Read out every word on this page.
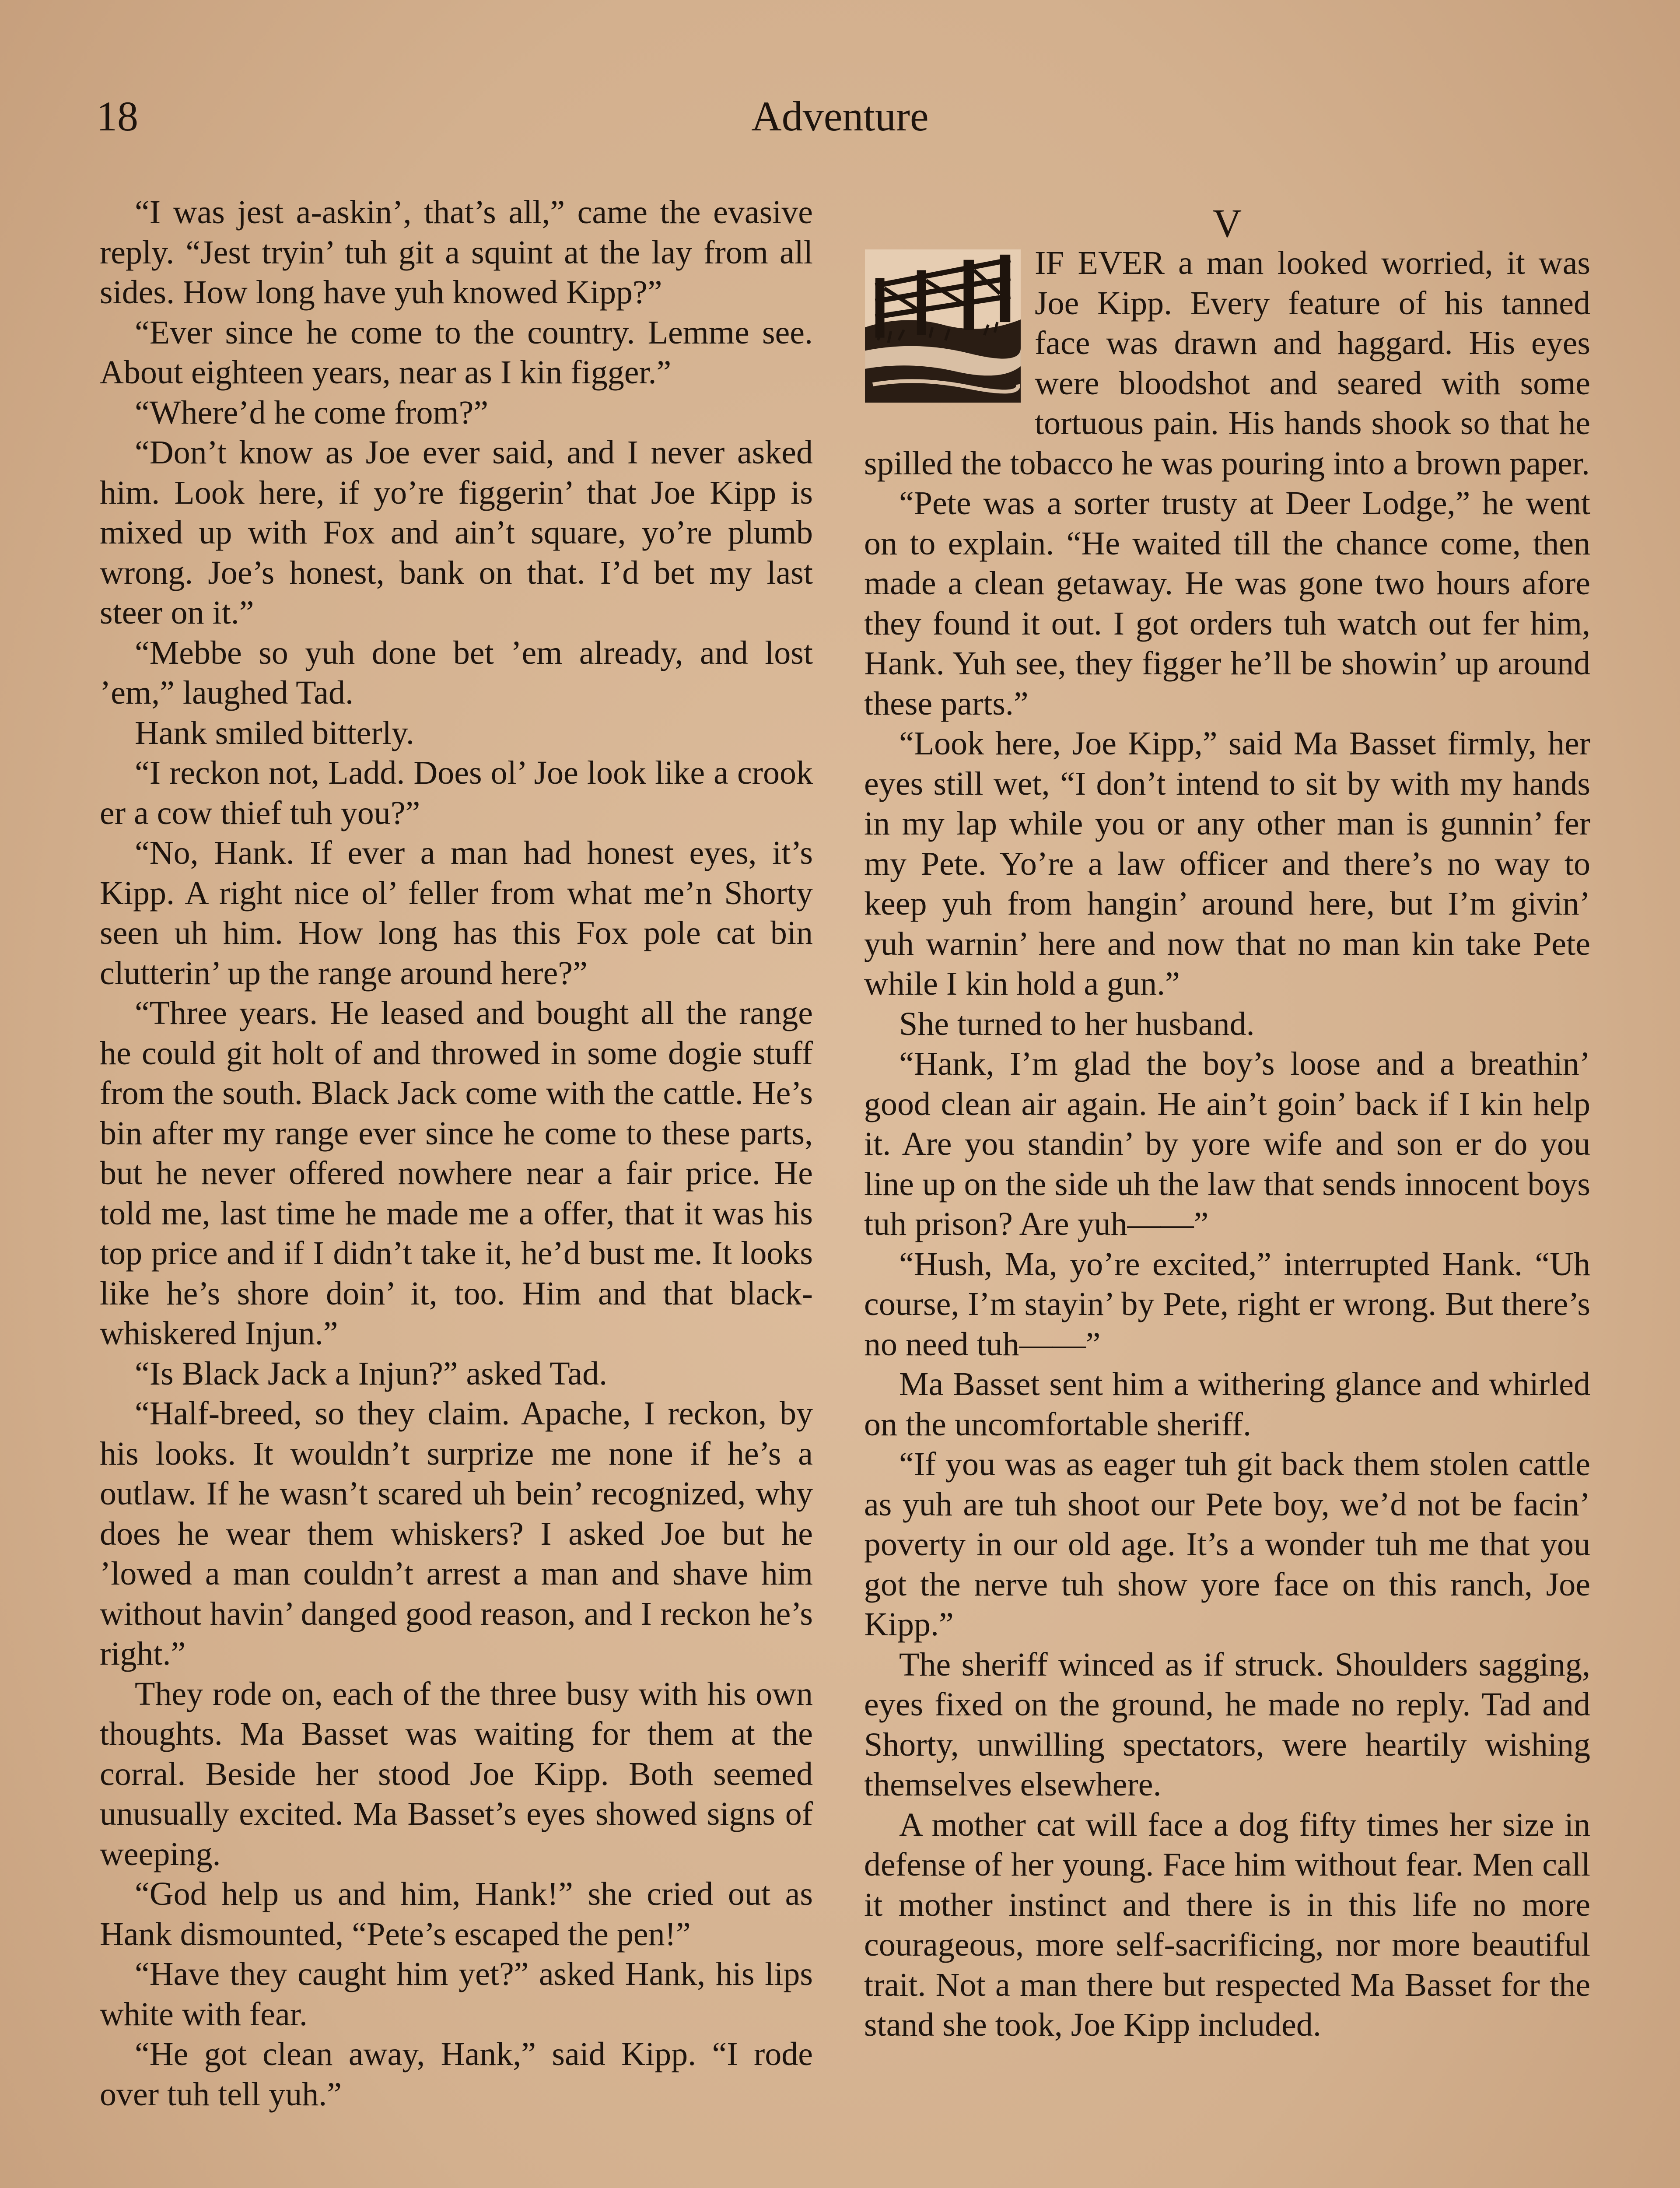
18	Adventure

“I was jest a-askin’, that’s all,” came the evasive reply. “Jest tryin’ tuh git a squint at the lay from all sides. How long have yuh knowed Kipp?”

“Ever since he come to the country. Lemme see. About eighteen years, near as I kin figger.”

“Where’d he come from?”

“Don’t know as Joe ever said, and I never asked him. Look here, if yo’re figgerin’ that Joe Kipp is mixed up with Fox and ain’t square, yo’re plumb wrong. Joe’s honest, bank on that. I’d bet my last steer on it.”

“Mebbe so yuh done bet ’em already, and lost ’em,” laughed Tad.

Hank smiled bitterly.

“I reckon not, Ladd. Does ol’ Joe look like a crook er a cow thief tuh you?”

“No, Hank. If ever a man had honest eyes, it’s Kipp. A right nice ol’ feller from what me’n Shorty seen uh him. How long has this Fox pole cat bin clutterin’ up the range around here?”

“Three years. He leased and bought all the range he could git holt of and throwed in some dogie stuff from the south. Black Jack come with the cattle. He’s bin after my range ever since he come to these parts, but he never offered nowhere near a fair price. He told me, last time he made me a offer, that it was his top price and if I didn’t take it, he’d bust me. It looks like he’s shore doin’ it, too. Him and that black-whiskered Injun.”

“Is Black Jack a Injun?” asked Tad.

“Half-breed, so they claim. Apache, I reckon, by his looks. It wouldn’t surprize me none if he’s a outlaw. If he wasn’t scared uh bein’ recognized, why does he wear them whiskers? I asked Joe but he ’lowed a man couldn’t arrest a man and shave him without havin’ danged good reason, and I reckon he’s right.”

They rode on, each of the three busy with his own thoughts. Ma Basset was waiting for them at the corral. Beside her stood Joe Kipp. Both seemed unusually excited. Ma Basset’s eyes showed signs of weeping.

“God help us and him, Hank!” she cried out as Hank dismounted, “Pete’s escaped the pen!”

“Have they caught him yet?” asked Hank, his lips white with fear.

“He got clean away, Hank,” said Kipp. “I rode over tuh tell yuh.”

V

IF EVER a man looked worried, it was Joe Kipp. Every feature of his tanned face was drawn and haggard. His eyes were bloodshot and seared with some tortuous pain. His hands shook so that he spilled the tobacco he was pouring into a brown paper.

“Pete was a sorter trusty at Deer Lodge,” he went on to explain. “He waited till the chance come, then made a clean getaway. He was gone two hours afore they found it out. I got orders tuh watch out fer him, Hank. Yuh see, they figger he’ll be showin’ up around these parts.”

“Look here, Joe Kipp,” said Ma Basset firmly, her eyes still wet, “I don’t intend to sit by with my hands in my lap while you or any other man is gunnin’ fer my Pete. Yo’re a law officer and there’s no way to keep yuh from hangin’ around here, but I’m givin’ yuh warnin’ here and now that no man kin take Pete while I kin hold a gun.”

She turned to her husband.

“Hank, I’m glad the boy’s loose and a breathin’ good clean air again. He ain’t goin’ back if I kin help it. Are you standin’ by yore wife and son er do you line up on the side uh the law that sends innocent boys tuh prison? Are yuh——”

“Hush, Ma, yo’re excited,” interrupted Hank. “Uh course, I’m stayin’ by Pete, right er wrong. But there’s no need tuh——”

Ma Basset sent him a withering glance and whirled on the uncomfortable sheriff.

“If you was as eager tuh git back them stolen cattle as yuh are tuh shoot our Pete boy, we’d not be facin’ poverty in our old age. It’s a wonder tuh me that you got the nerve tuh show yore face on this ranch, Joe Kipp.”

The sheriff winced as if struck. Shoulders sagging, eyes fixed on the ground, he made no reply. Tad and Shorty, unwilling spectators, were heartily wishing themselves elsewhere.

A mother cat will face a dog fifty times her size in defense of her young. Face him without fear. Men call it mother instinct and there is in this life no more courageous, more self-sacrificing, nor more beautiful trait. Not a man there but respected Ma Basset for the stand she took, Joe Kipp included.
